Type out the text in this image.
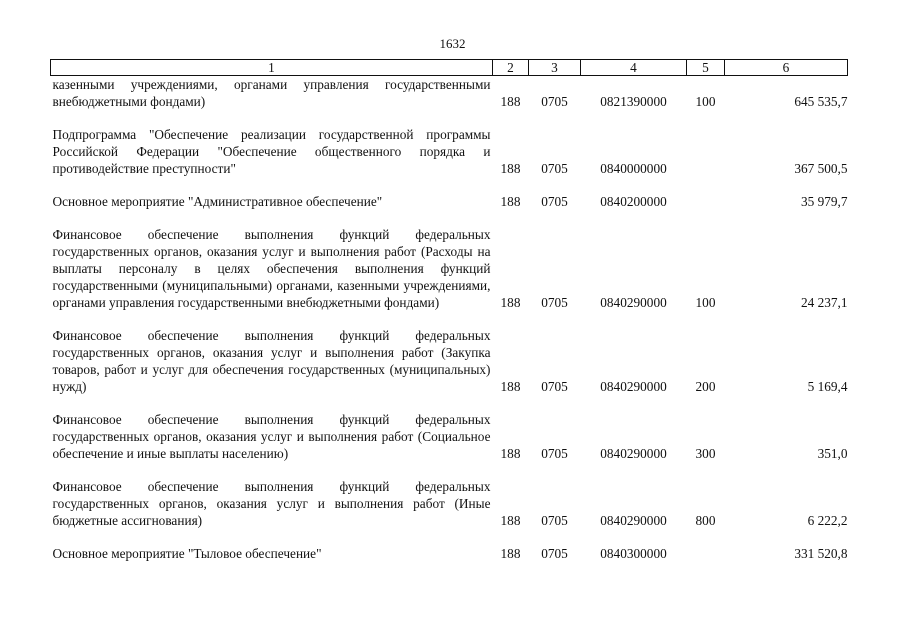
1632
1	2	3	4	5	6
казенными учреждениями, органами управления государственными внебюджетными фондами)	188	0705	0821390000	100	645 535,7

Подпрограмма "Обеспечение реализации государственной программы Российской Федерации "Обеспечение общественного порядка и противодействие преступности"	188	0705	0840000000		367 500,5

Основное мероприятие "Административное обеспечение"	188	0705	0840200000		35 979,7

Финансовое обеспечение выполнения функций федеральных государственных органов, оказания услуг и выполнения работ (Расходы на выплаты персоналу в целях обеспечения выполнения функций государственными (муниципальными) органами, казенными учреждениями, органами управления государственными внебюджетными фондами)	188	0705	0840290000	100	24 237,1

Финансовое обеспечение выполнения функций федеральных государственных органов, оказания услуг и выполнения работ (Закупка товаров, работ и услуг для обеспечения государственных (муниципальных) нужд)	188	0705	0840290000	200	5 169,4

Финансовое обеспечение выполнения функций федеральных государственных органов, оказания услуг и выполнения работ (Социальное обеспечение и иные выплаты населению)	188	0705	0840290000	300	351,0

Финансовое обеспечение выполнения функций федеральных государственных органов, оказания услуг и выполнения работ (Иные бюджетные ассигнования)	188	0705	0840290000	800	6 222,2

Основное мероприятие "Тыловое обеспечение"	188	0705	0840300000		331 520,8
